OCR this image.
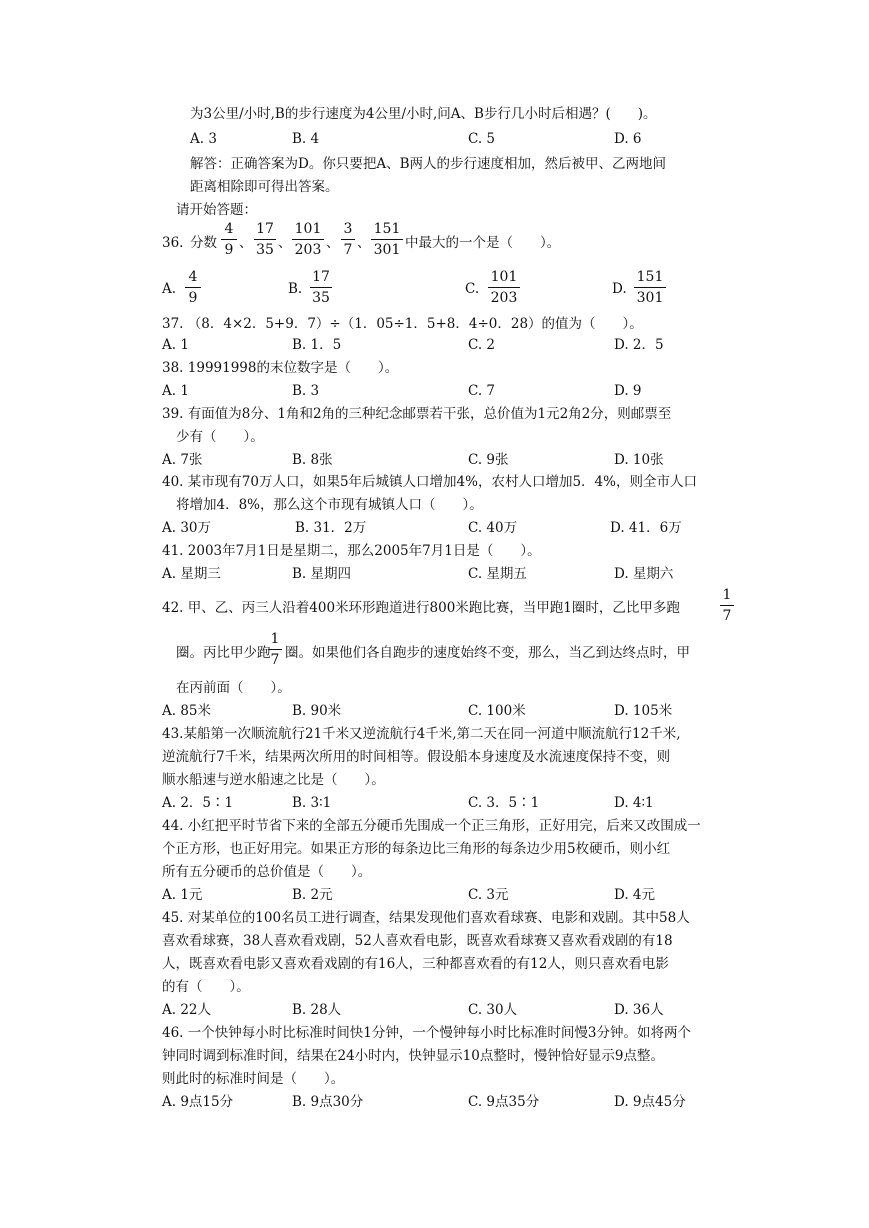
为3公里/小时,B的步行速度为4公里/小时,问A、B步行几小时后相遇？(　　)。
A. 3	B. 4	C. 5	D. 6
解答：正确答案为D。你只要把A、B两人的步行速度相加，然后被甲、乙两地间
距离相除即可得出答案。
请开始答题：
36. 分数 $\frac{4}{9}$ 、 $\frac{17}{35}$ 、 $\frac{101}{203}$ 、 $\frac{3}{7}$ 、 $\frac{151}{301}$ 中最大的一个是（　　）。
A. $\frac{4}{9}$	B. $\frac{17}{35}$	C. $\frac{101}{203}$	D. $\frac{151}{301}$
37. （8．4×2．5+9．7）÷（1．05÷1．5+8．4÷0．28）的值为（　　）。
A. 1	B. 1．5	C. 2	D. 2．5
38. 19991998的末位数字是（　　）。
A. 1	B. 3	C. 7	D. 9
39. 有面值为8分、1角和2角的三种纪念邮票若干张，总价值为1元2角2分，则邮票至
少有（　　）。
A. 7张	B. 8张	C. 9张	D. 10张
40. 某市现有70万人口，如果5年后城镇人口增加4%，农村人口增加5．4%，则全市人口
将增加4．8%，那么这个市现有城镇人口（　　）。
A. 30万	B. 31．2万	C. 40万	D. 41．6万
41. 2003年7月1日是星期二，那么2005年7月1日是（　　）。
A. 星期三	B. 星期四	C. 星期五	D. 星期六
42. 甲、乙、丙三人沿着400米环形跑道进行800米跑比赛，当甲跑1圈时，乙比甲多跑	$\frac{1}{7}$
圈。丙比甲少跑
$\frac{1}{7}$ 圈。如果他们各自跑步的速度始终不变，那么，当乙到达终点时，甲
在丙前面（　　）。
A. 85米	B. 90米	C. 100米	D. 105米
43.某船第一次顺流航行21千米又逆流航行4千米,第二天在同一河道中顺流航行12千米,
逆流航行7千米，结果两次所用的时间相等。假设船本身速度及水流速度保持不变，则
顺水船速与逆水船速之比是（　　）。
A. 2．5∶1	B. 3∶1	C. 3．5∶1	D. 4∶1
44. 小红把平时节省下来的全部五分硬币先围成一个正三角形，正好用完，后来又改围成一
个正方形，也正好用完。如果正方形的每条边比三角形的每条边少用5枚硬币，则小红
所有五分硬币的总价值是（　　）。
A. 1元	B. 2元	C. 3元	D. 4元
45. 对某单位的100名员工进行调查，结果发现他们喜欢看球赛、电影和戏剧。其中58人
喜欢看球赛，38人喜欢看戏剧，52人喜欢看电影，既喜欢看球赛又喜欢看戏剧的有18
人，既喜欢看电影又喜欢看戏剧的有16人，三种都喜欢看的有12人，则只喜欢看电影
的有（　　）。
A. 22人	B. 28人	C. 30人	D. 36人
46. 一个快钟每小时比标准时间快1分钟，一个慢钟每小时比标准时间慢3分钟。如将两个
钟同时调到标准时间，结果在24小时内，快钟显示10点整时，慢钟恰好显示9点整。
则此时的标准时间是（　　）。
A. 9点15分	B. 9点30分	C. 9点35分	D. 9点45分
